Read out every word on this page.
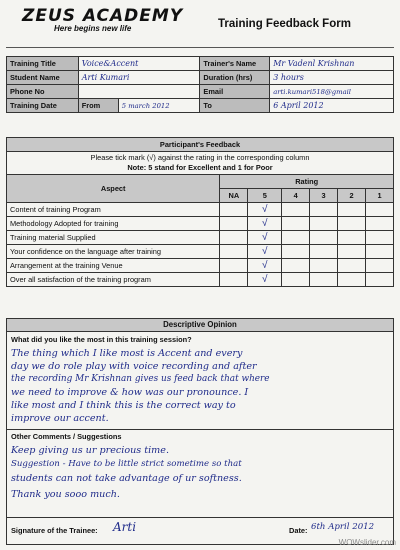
ZEUS ACADEMY
Here begins new life	Training Feedback Form
Training Title	Voice&Accent		Trainer's Name	Mr Vadenl Krishnan
Student Name	Arti Kumari		Duration (hrs)	3 hours
Phone No			Email	arti.kumari518@gmail
Training Date	From	5 march 2012	To	6 April 2012
Participant's Feedback						

Please tick mark (√) against the rating in the corresponding column
Note: 5 stand for Excellent and 1 for Poor						

Aspect	Rating					
	NA	5	4	3	2	1
Content of training Program		√				
Methodology Adopted for training		√				
Training material Supplied		√				
Your confidence on the language after training		√				
Arrangement at the training Venue		√				
Over all satisfaction of the training program		√				
Descriptive Opinion
What did you like the most in this training session?
The thing which I like most is Accent and every
day we do role play with voice recording and after
the recording Mr Krishnan gives us feed back that where
we need to improve & how was our pronounce. I
like most and I think this is the correct way to
improve our accent.
Other Comments / Suggestions
Keep giving us ur precious time.
Suggestion - Have to be little strict sometime so that
students can not take advantage of ur softness.
Thank you sooo much.
Signature of the Trainee: Arti	Date: 6th April 2012
WOWslider.com
